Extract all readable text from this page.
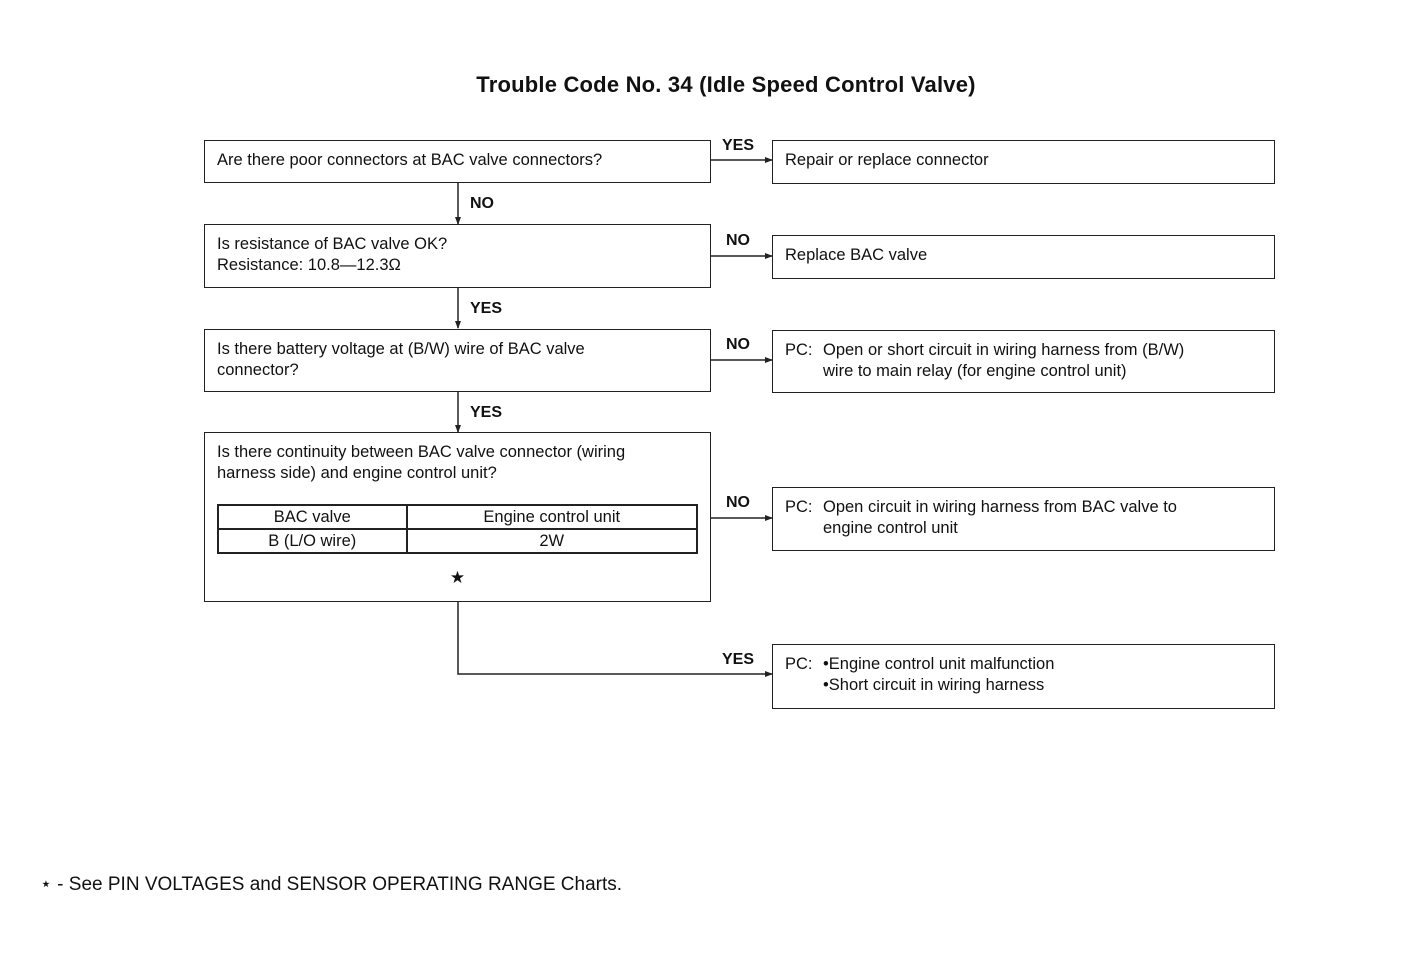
Trouble Code No. 34 (Idle Speed Control Valve)
Are there poor connectors at BAC valve connectors?
YES
Repair or replace connector
NO
Is resistance of BAC valve OK?
Resistance: 10.8—12.3Ω
NO
Replace BAC valve
YES
Is there battery voltage at (B/W) wire of BAC valve
connector?
NO PC: Open or short circuit in wiring harness from (B/W)
wire to main relay (for engine control unit)
YES
Is there continuity between BAC valve connector (wiring
harness side) and engine control unit?
BAC valve	Engine control unit
B (L/O wire)	2W
★
NO PC: Open circuit in wiring harness from BAC valve to
engine control unit
YES PC: •Engine control unit malfunction
•Short circuit in wiring harness
⋆ - See PIN VOLTAGES and SENSOR OPERATING RANGE Charts.
